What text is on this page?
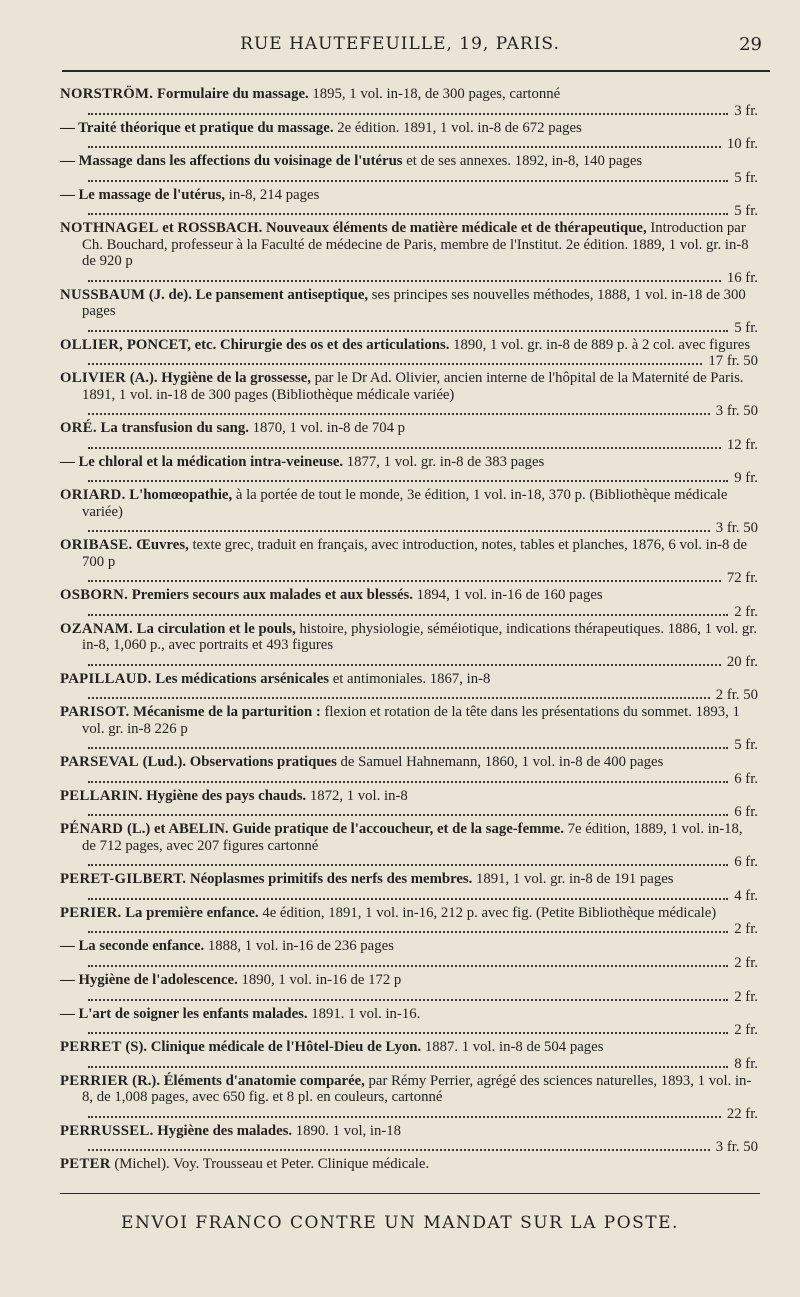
RUE HAUTEFEUILLE, 19, PARIS.	29

NORSTRÖM. Formulaire du massage. 1895, 1 vol. in-18, de 300 pages, cartonné

3 fr.

— Traité théorique et pratique du massage. 2e édition. 1891, 1 vol. in-8 de 672 pages

10 fr.

— Massage dans les affections du voisinage de l'utérus et de ses annexes. 1892, in-8, 140 pages

5 fr.

— Le massage de l'utérus, in-8, 214 pages

5 fr.

NOTHNAGEL et ROSSBACH. Nouveaux éléments de matière médicale et de thérapeutique, Introduction par Ch. Bouchard, professeur à la Faculté de médecine de Paris, membre de l'Institut. 2e édition. 1889, 1 vol. gr. in-8 de 920 p

16 fr.

NUSSBAUM (J. de). Le pansement antiseptique, ses principes ses nouvelles méthodes, 1888, 1 vol. in-18 de 300 pages

5 fr.

OLLIER, PONCET, etc. Chirurgie des os et des articulations. 1890, 1 vol. gr. in-8 de 889 p. à 2 col. avec figures

17 fr. 50

OLIVIER (A.). Hygiène de la grossesse, par le Dr Ad. Olivier, ancien interne de l'hôpital de la Maternité de Paris. 1891, 1 vol. in-18 de 300 pages (Bibliothèque médicale variée)

3 fr. 50

ORÉ. La transfusion du sang. 1870, 1 vol. in-8 de 704 p

12 fr.

— Le chloral et la médication intra-veineuse. 1877, 1 vol. gr. in-8 de 383 pages

9 fr.

ORIARD. L'homœopathie, à la portée de tout le monde, 3e édition, 1 vol. in-18, 370 p. (Bibliothèque médicale variée)

3 fr. 50

ORIBASE. Œuvres, texte grec, traduit en français, avec introduction, notes, tables et planches, 1876, 6 vol. in-8 de 700 p

72 fr.

OSBORN. Premiers secours aux malades et aux blessés. 1894, 1 vol. in-16 de 160 pages

2 fr.

OZANAM. La circulation et le pouls, histoire, physiologie, séméiotique, indications thérapeutiques. 1886, 1 vol. gr. in-8, 1,060 p., avec portraits et 493 figures

20 fr.

PAPILLAUD. Les médications arsénicales et antimoniales. 1867, in-8

2 fr. 50

PARISOT. Mécanisme de la parturition : flexion et rotation de la tête dans les présentations du sommet. 1893, 1 vol. gr. in-8 226 p

5 fr.

PARSEVAL (Lud.). Observations pratiques de Samuel Hahnemann, 1860, 1 vol. in-8 de 400 pages

6 fr.

PELLARIN. Hygiène des pays chauds. 1872, 1 vol. in-8

6 fr.

PÉNARD (L.) et ABELIN. Guide pratique de l'accoucheur, et de la sage-femme. 7e édition, 1889, 1 vol. in-18, de 712 pages, avec 207 figures cartonné

6 fr.

PERET-GILBERT. Néoplasmes primitifs des nerfs des membres. 1891, 1 vol. gr. in-8 de 191 pages

4 fr.

PERIER. La première enfance. 4e édition, 1891, 1 vol. in-16, 212 p. avec fig. (Petite Bibliothèque médicale)

2 fr.

— La seconde enfance. 1888, 1 vol. in-16 de 236 pages

2 fr.

— Hygiène de l'adolescence. 1890, 1 vol. in-16 de 172 p

2 fr.

— L'art de soigner les enfants malades. 1891. 1 vol. in-16.

2 fr.

PERRET (S). Clinique médicale de l'Hôtel-Dieu de Lyon. 1887. 1 vol. in-8 de 504 pages

8 fr.

PERRIER (R.). Éléments d'anatomie comparée, par Rémy Perrier, agrégé des sciences naturelles, 1893, 1 vol. in-8, de 1,008 pages, avec 650 fig. et 8 pl. en couleurs, cartonné

22 fr.

PERRUSSEL. Hygiène des malades. 1890. 1 vol, in-18

3 fr. 50

PETER (Michel). Voy. Trousseau et Peter. Clinique médicale.

ENVOI FRANCO CONTRE UN MANDAT SUR LA POSTE.
